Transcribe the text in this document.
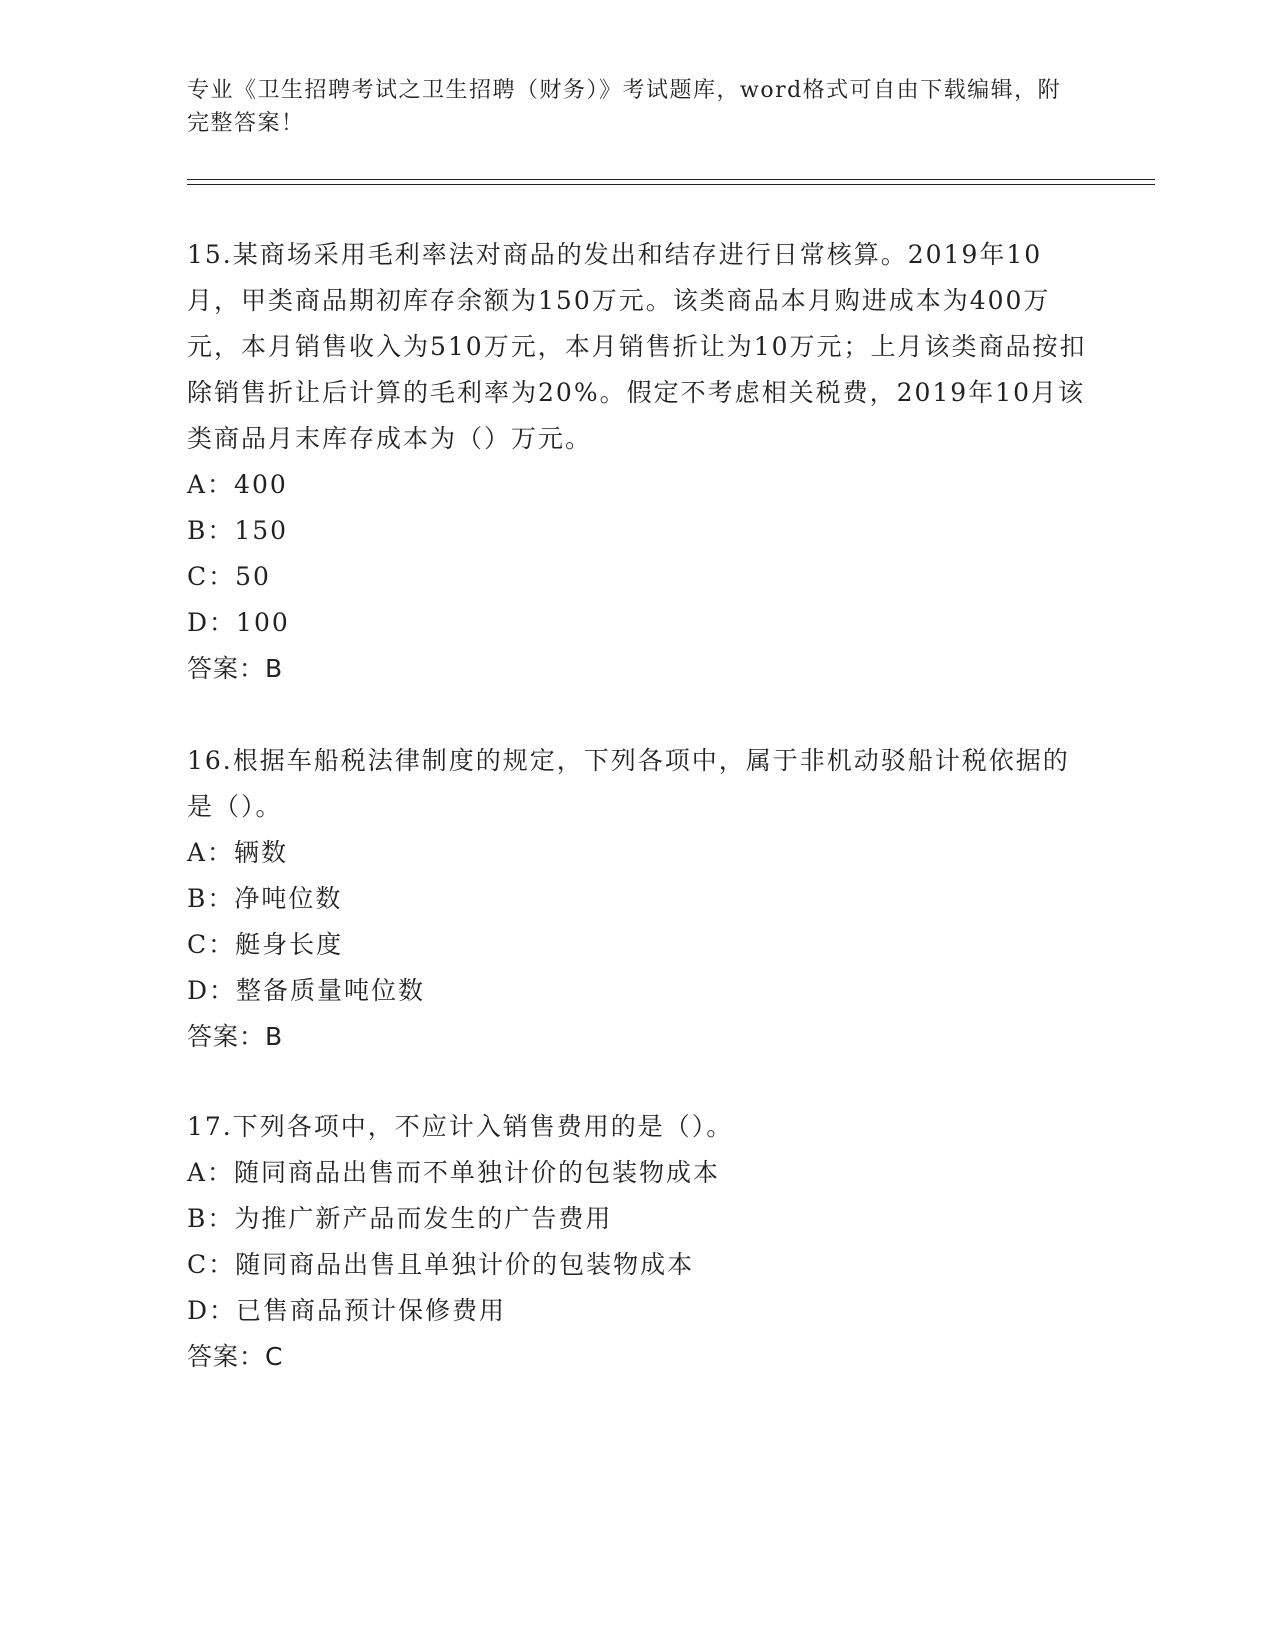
专业《卫生招聘考试之卫生招聘（财务）》考试题库，word格式可自由下载编辑，附完整答案！

15.某商场采用毛利率法对商品的发出和结存进行日常核算。2019年10月，甲类商品期初库存余额为150万元。该类商品本月购进成本为400万元，本月销售收入为510万元，本月销售折让为10万元；上月该类商品按扣除销售折让后计算的毛利率为20%。假定不考虑相关税费，2019年10月该类商品月末库存成本为（）万元。

A：400

B：150

C：50

D：100

答案：B

16.根据车船税法律制度的规定，下列各项中，属于非机动驳船计税依据的是（）。

A：辆数

B：净吨位数

C：艇身长度

D：整备质量吨位数

答案：B

17.下列各项中，不应计入销售费用的是（）。

A：随同商品出售而不单独计价的包装物成本

B：为推广新产品而发生的广告费用

C：随同商品出售且单独计价的包装物成本

D：已售商品预计保修费用

答案：C
